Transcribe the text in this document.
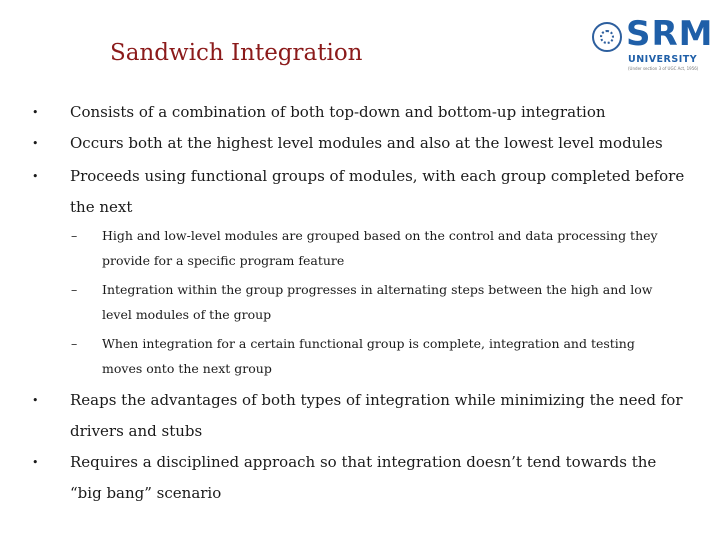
Sandwich Integration	SRM
UNIVERSITY
(Under section 3 of UGC Act, 1956)
• Consists of a combination of both top-down and bottom-up integration
• Occurs both at the highest level modules and also at the lowest level modules
• Proceeds using functional groups of modules, with each group completed before the next
– High and low-level modules are grouped based on the control and data processing they provide for a specific program feature
– Integration within the group progresses in alternating steps between the high and low level modules of the group
– When integration for a certain functional group is complete, integration and testing moves onto the next group
• Reaps the advantages of both types of integration while minimizing the need for drivers and stubs
• Requires a disciplined approach so that integration doesn’t tend towards the “big bang” scenario
